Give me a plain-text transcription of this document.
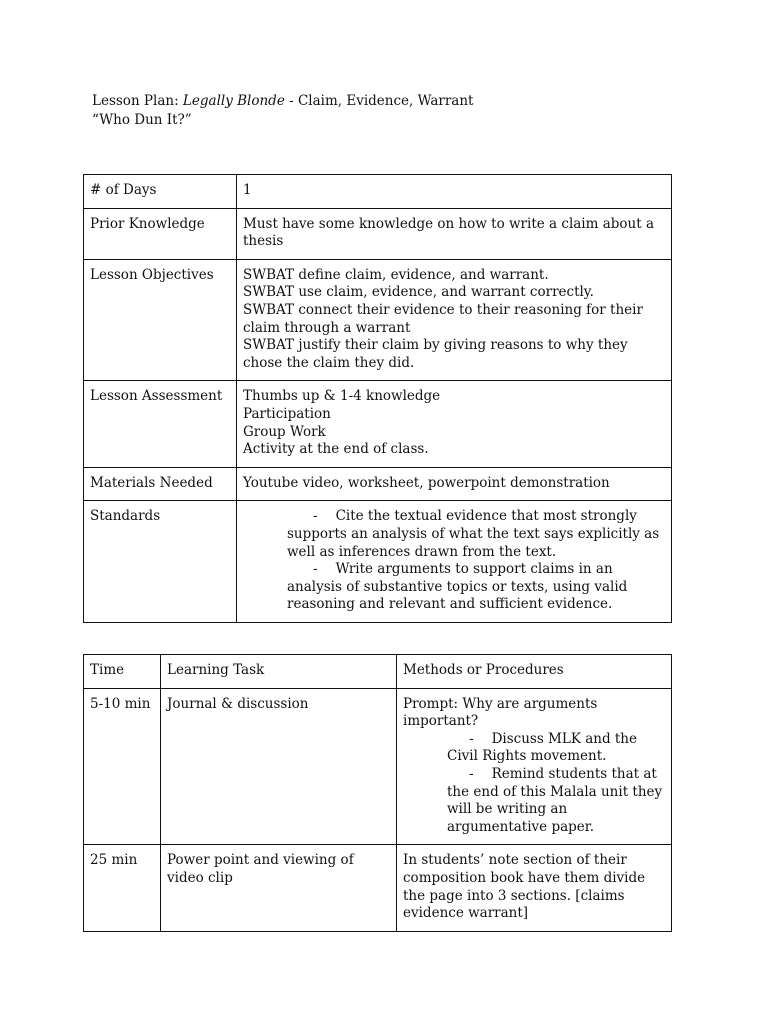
Lesson Plan: Legally Blonde - Claim, Evidence, Warrant
“Who Dun It?”
# of Days	1
Prior Knowledge	Must have some knowledge on how to write a claim about a thesis
Lesson Objectives	SWBAT define claim, evidence, and warrant.
SWBAT use claim, evidence, and warrant correctly.
SWBAT connect their evidence to their reasoning for their claim through a warrant
SWBAT justify their claim by giving reasons to why they chose the claim they did.

Lesson Assessment	Thumbs up & 1-4 knowledge
Participation
Group Work
Activity at the end of class.

Materials Needed	Youtube video, worksheet, powerpoint demonstration
Standards	- Cite the textual evidence that most strongly supports an analysis of what the text says explicitly as well as inferences drawn from the text.
- Write arguments to support claims in an analysis of substantive topics or texts, using valid reasoning and relevant and sufficient evidence.
Time	Learning Task	Methods or Procedures
5-10 min	Journal & discussion	Prompt: Why are arguments important?
- Discuss MLK and the Civil Rights movement.
- Remind students that at the end of this Malala unit they will be writing an argumentative paper.

25 min	Power point and viewing of video clip	In students’ note section of their composition book have them divide the page into 3 sections. [claims evidence warrant]
